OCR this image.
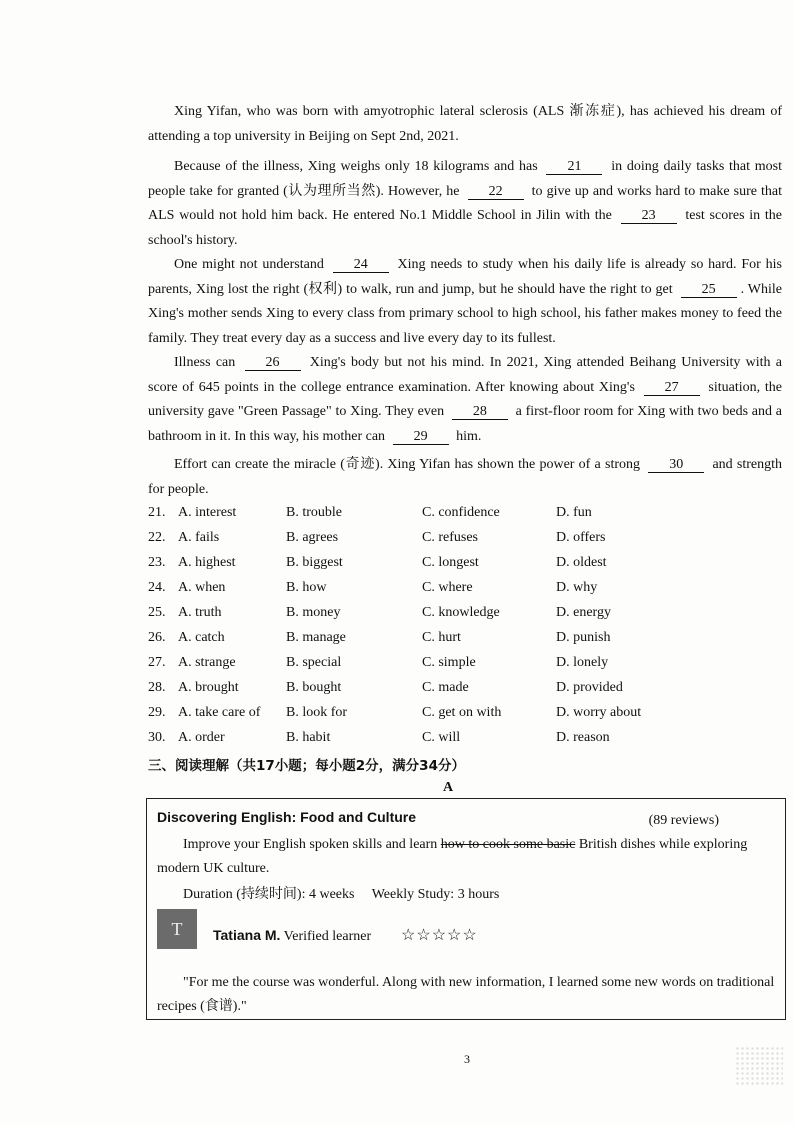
Xing Yifan, who was born with amyotrophic lateral sclerosis (ALS 渐冻症), has achieved his dream of attending a top university in Beijing on Sept 2nd, 2021.
Because of the illness, Xing weighs only 18 kilograms and has 21 in doing daily tasks that most people take for granted (认为理所当然). However, he 22 to give up and works hard to make sure that ALS would not hold him back. He entered No.1 Middle School in Jilin with the 23 test scores in the school's history.
One might not understand 24 Xing needs to study when his daily life is already so hard. For his parents, Xing lost the right (权利) to walk, run and jump, but he should have the right to get 25 . While Xing's mother sends Xing to every class from primary school to high school, his father makes money to feed the family. They treat every day as a success and live every day to its fullest.
Illness can 26 Xing's body but not his mind. In 2021, Xing attended Beihang University with a score of 645 points in the college entrance examination. After knowing about Xing's 27 situation, the university gave "Green Passage" to Xing. They even 28 a first-floor room for Xing with two beds and a bathroom in it. In this way, his mother can 29 him.
Effort can create the miracle (奇迹). Xing Yifan has shown the power of a strong 30 and strength for people.
21. A. interest	B. trouble	C. confidence	D. fun
22. A. fails	B. agrees	C. refuses	D. offers
23. A. highest	B. biggest	C. longest	D. oldest
24. A. when	B. how	C. where	D. why
25. A. truth	B. money	C. knowledge	D. energy
26. A. catch	B. manage	C. hurt	D. punish
27. A. strange	B. special	C. simple	D. lonely
28. A. brought	B. bought	C. made	D. provided
29. A. take care of B. look for	C. get on with	D. worry about
30. A. order	B. habit	C. will	D. reason
三、阅读理解（共17小题；每小题2分，满分34分）
A
Discovering English: Food and Culture	(89 reviews)
Improve your English spoken skills and learn how to cook some basic British dishes while exploring modern UK culture.
Duration (持续时间): 4 weeks     Weekly Study: 3 hours
T	Tatiana M. Verified learner ☆☆☆☆☆
"For me the course was wonderful. Along with new information, I learned some new words on traditional recipes (食谱)."
3
